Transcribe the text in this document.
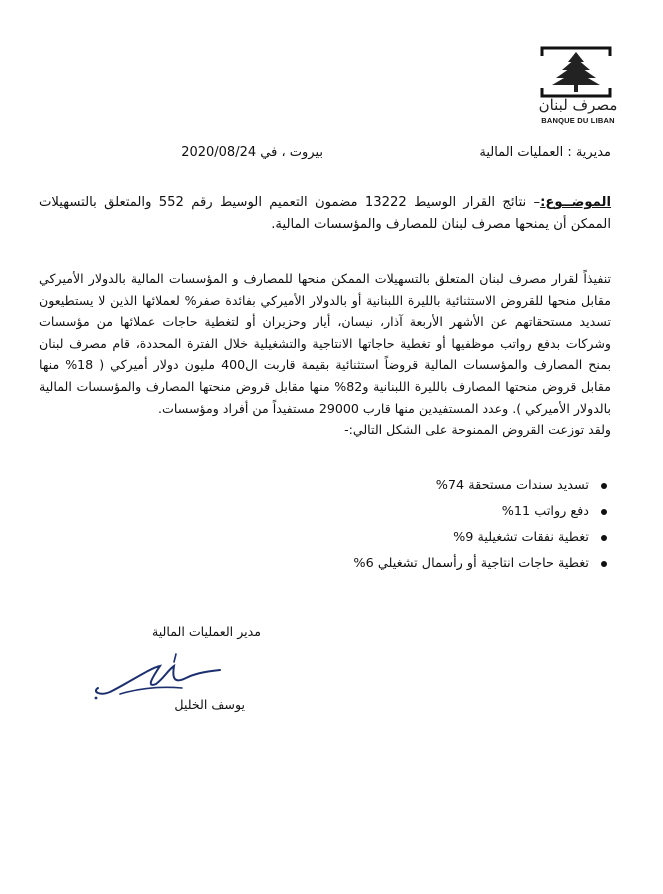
مصرف لبنان
BANQUE DU LIBAN
مديرية : العمليات المالية
بيروت ، في 2020/08/24
الموضــوع:– نتائج القرار الوسيط 13222 مضمون التعميم الوسيط رقم 552 والمتعلق بالتسهيلات الممكن أن يمنحها مصرف لبنان للمصارف والمؤسسات المالية.

تنفيذاً لقرار مصرف لبنان المتعلق بالتسهيلات الممكن منحها للمصارف و المؤسسات المالية بالدولار الأميركي مقابل منحها للقروض الاستثنائية بالليرة اللبنانية أو بالدولار الأميركي بفائدة صفر% لعملائها الذين لا يستطيعون تسديد مستحقاتهم عن الأشهر الأربعة آذار، نيسان، أيار وحزيران أو لتغطية حاجات عملائها من مؤسسات وشركات بدفع رواتب موظفيها أو تغطية حاجاتها الانتاجية والتشغيلية خلال الفترة المحددة، قام مصرف لبنان بمنح المصارف والمؤسسات المالية قروضاً استثنائية بقيمة قاربت ال400 مليون دولار أميركي ( 18% منها مقابل قروض منحتها المصارف بالليرة اللبنانية و82% منها مقابل قروض منحتها المصارف والمؤسسات المالية بالدولار الأميركي ). وعدد المستفيدين منها قارب 29000 مستفيداً من أفراد ومؤسسات.

ولقد توزعت القروض الممنوحة على الشكل التالي:-

تسديد سندات مستحقة 74%
دفع رواتب 11%
تغطية نفقات تشغيلية 9%
تغطية حاجات انتاجية أو رأسمال تشغيلي 6%
مدير العمليات المالية
يوسف الخليل
